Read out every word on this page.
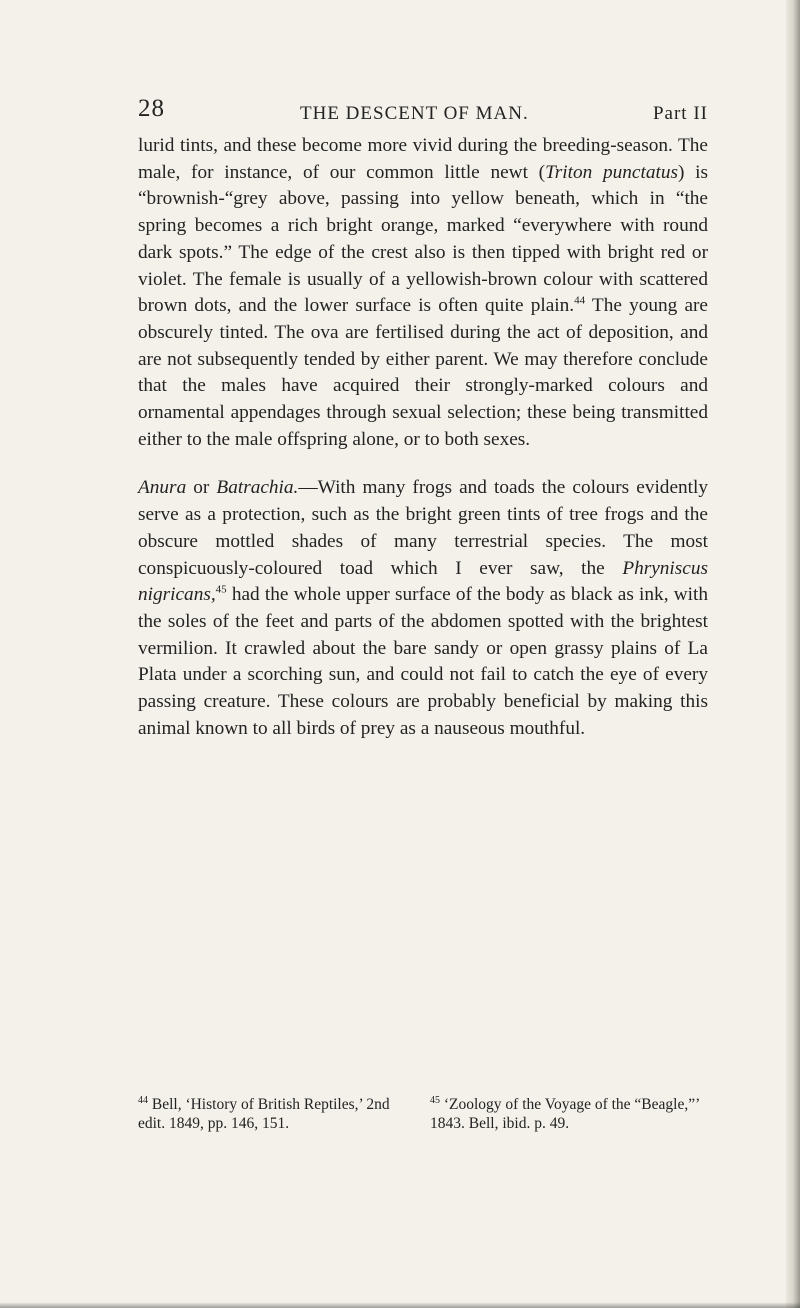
28	THE DESCENT OF MAN.	Part II

lurid tints, and these become more vivid during the breeding-season. The male, for instance, of our common little newt (Triton punctatus) is “brownish-“grey above, passing into yellow beneath, which in “the spring becomes a rich bright orange, marked “everywhere with round dark spots.” The edge of the crest also is then tipped with bright red or violet. The female is usually of a yellowish-brown colour with scattered brown dots, and the lower surface is often quite plain.$^{44}$ The young are obscurely tinted. The ova are fertilised during the act of deposition, and are not subsequently tended by either parent. We may therefore conclude that the males have acquired their strongly-marked colours and ornamental appendages through sexual selection; these being transmitted either to the male offspring alone, or to both sexes.

Anura or Batrachia.—With many frogs and toads the colours evidently serve as a protection, such as the bright green tints of tree frogs and the obscure mottled shades of many terrestrial species. The most conspicuously-coloured toad which I ever saw, the Phryniscus nigricans,$^{45}$ had the whole upper surface of the body as black as ink, with the soles of the feet and parts of the abdomen spotted with the brightest vermilion. It crawled about the bare sandy or open grassy plains of La Plata under a scorching sun, and could not fail to catch the eye of every passing creature. These colours are probably beneficial by making this animal known to all birds of prey as a nauseous mouthful.

$^{44}$ Bell, ‘History of British Reptiles,’ 2nd edit. 1849, pp. 146, 151.
$^{45}$ ‘Zoology of the Voyage of the “Beagle,”’ 1843. Bell, ibid. p. 49.
